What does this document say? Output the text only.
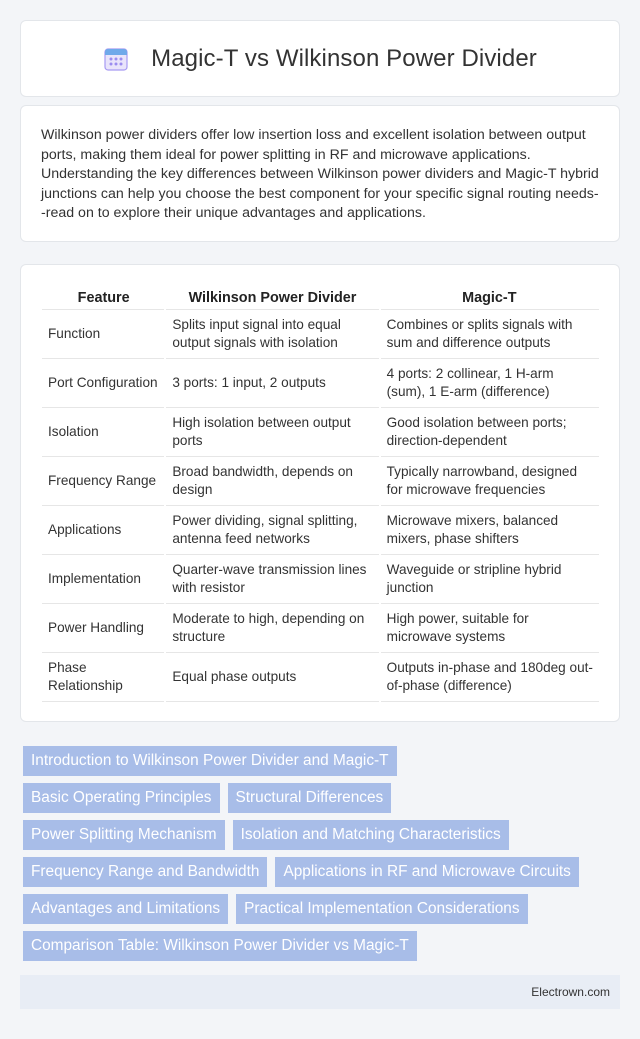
Magic-T vs Wilkinson Power Divider

Wilkinson power dividers offer low insertion loss and excellent isolation between output ports, making them ideal for power splitting in RF and microwave applications. Understanding the key differences between Wilkinson power dividers and Magic-T hybrid junctions can help you choose the best component for your specific signal routing needs--read on to explore their unique advantages and applications.

Feature	Wilkinson Power Divider	Magic-T
Function	Splits input signal into equal output signals with isolation	Combines or splits signals with sum and difference outputs
Port Configuration	3 ports: 1 input, 2 outputs	4 ports: 2 collinear, 1 H-arm (sum), 1 E-arm (difference)
Isolation	High isolation between output ports	Good isolation between ports; direction-dependent
Frequency Range	Broad bandwidth, depends on design	Typically narrowband, designed for microwave frequencies
Applications	Power dividing, signal splitting, antenna feed networks	Microwave mixers, balanced mixers, phase shifters
Implementation	Quarter-wave transmission lines with resistor	Waveguide or stripline hybrid junction
Power Handling	Moderate to high, depending on structure	High power, suitable for microwave systems
Phase Relationship	Equal phase outputs	Outputs in-phase and 180deg out-of-phase (difference)
Introduction to Wilkinson Power Divider and Magic-T
Basic Operating Principles	Structural Differences
Power Splitting Mechanism	Isolation and Matching Characteristics
Frequency Range and Bandwidth	Applications in RF and Microwave Circuits
Advantages and Limitations	Practical Implementation Considerations
Comparison Table: Wilkinson Power Divider vs Magic-T
Electrown.com
